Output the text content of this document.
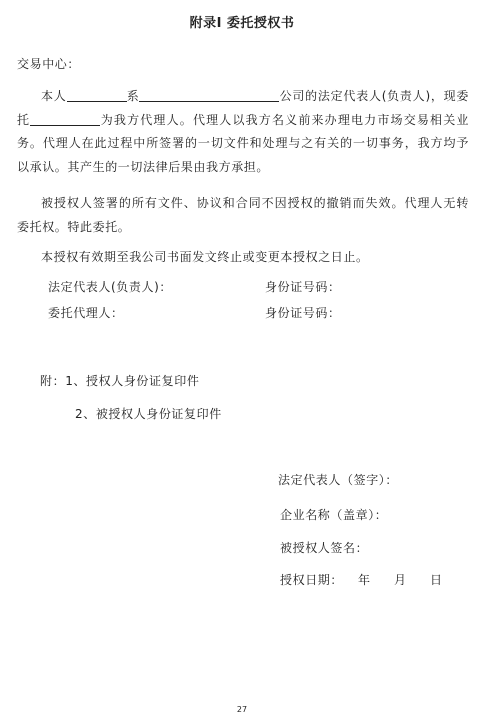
附录Ⅰ 委托授权书
交易中心：
本人	系	公司的法定代表人(负责人)，现委托	为我方代理人。代理人以我方名义前来办理电力市场交易相关业务。代理人在此过程中所签署的一切文件和处理与之有关的一切事务，我方均予以承认。其产生的一切法律后果由我方承担。
被授权人签署的所有文件、协议和合同不因授权的撤销而失效。代理人无转委托权。特此委托。
本授权有效期至我公司书面发文终止或变更本授权之日止。
法定代表人(负责人)：	身份证号码：
委托代理人：	身份证号码：
附：1、授权人身份证复印件
2、被授权人身份证复印件
法定代表人（签字）：
企业名称（盖章）：
被授权人签名：
授权日期： 年 月 日
27
